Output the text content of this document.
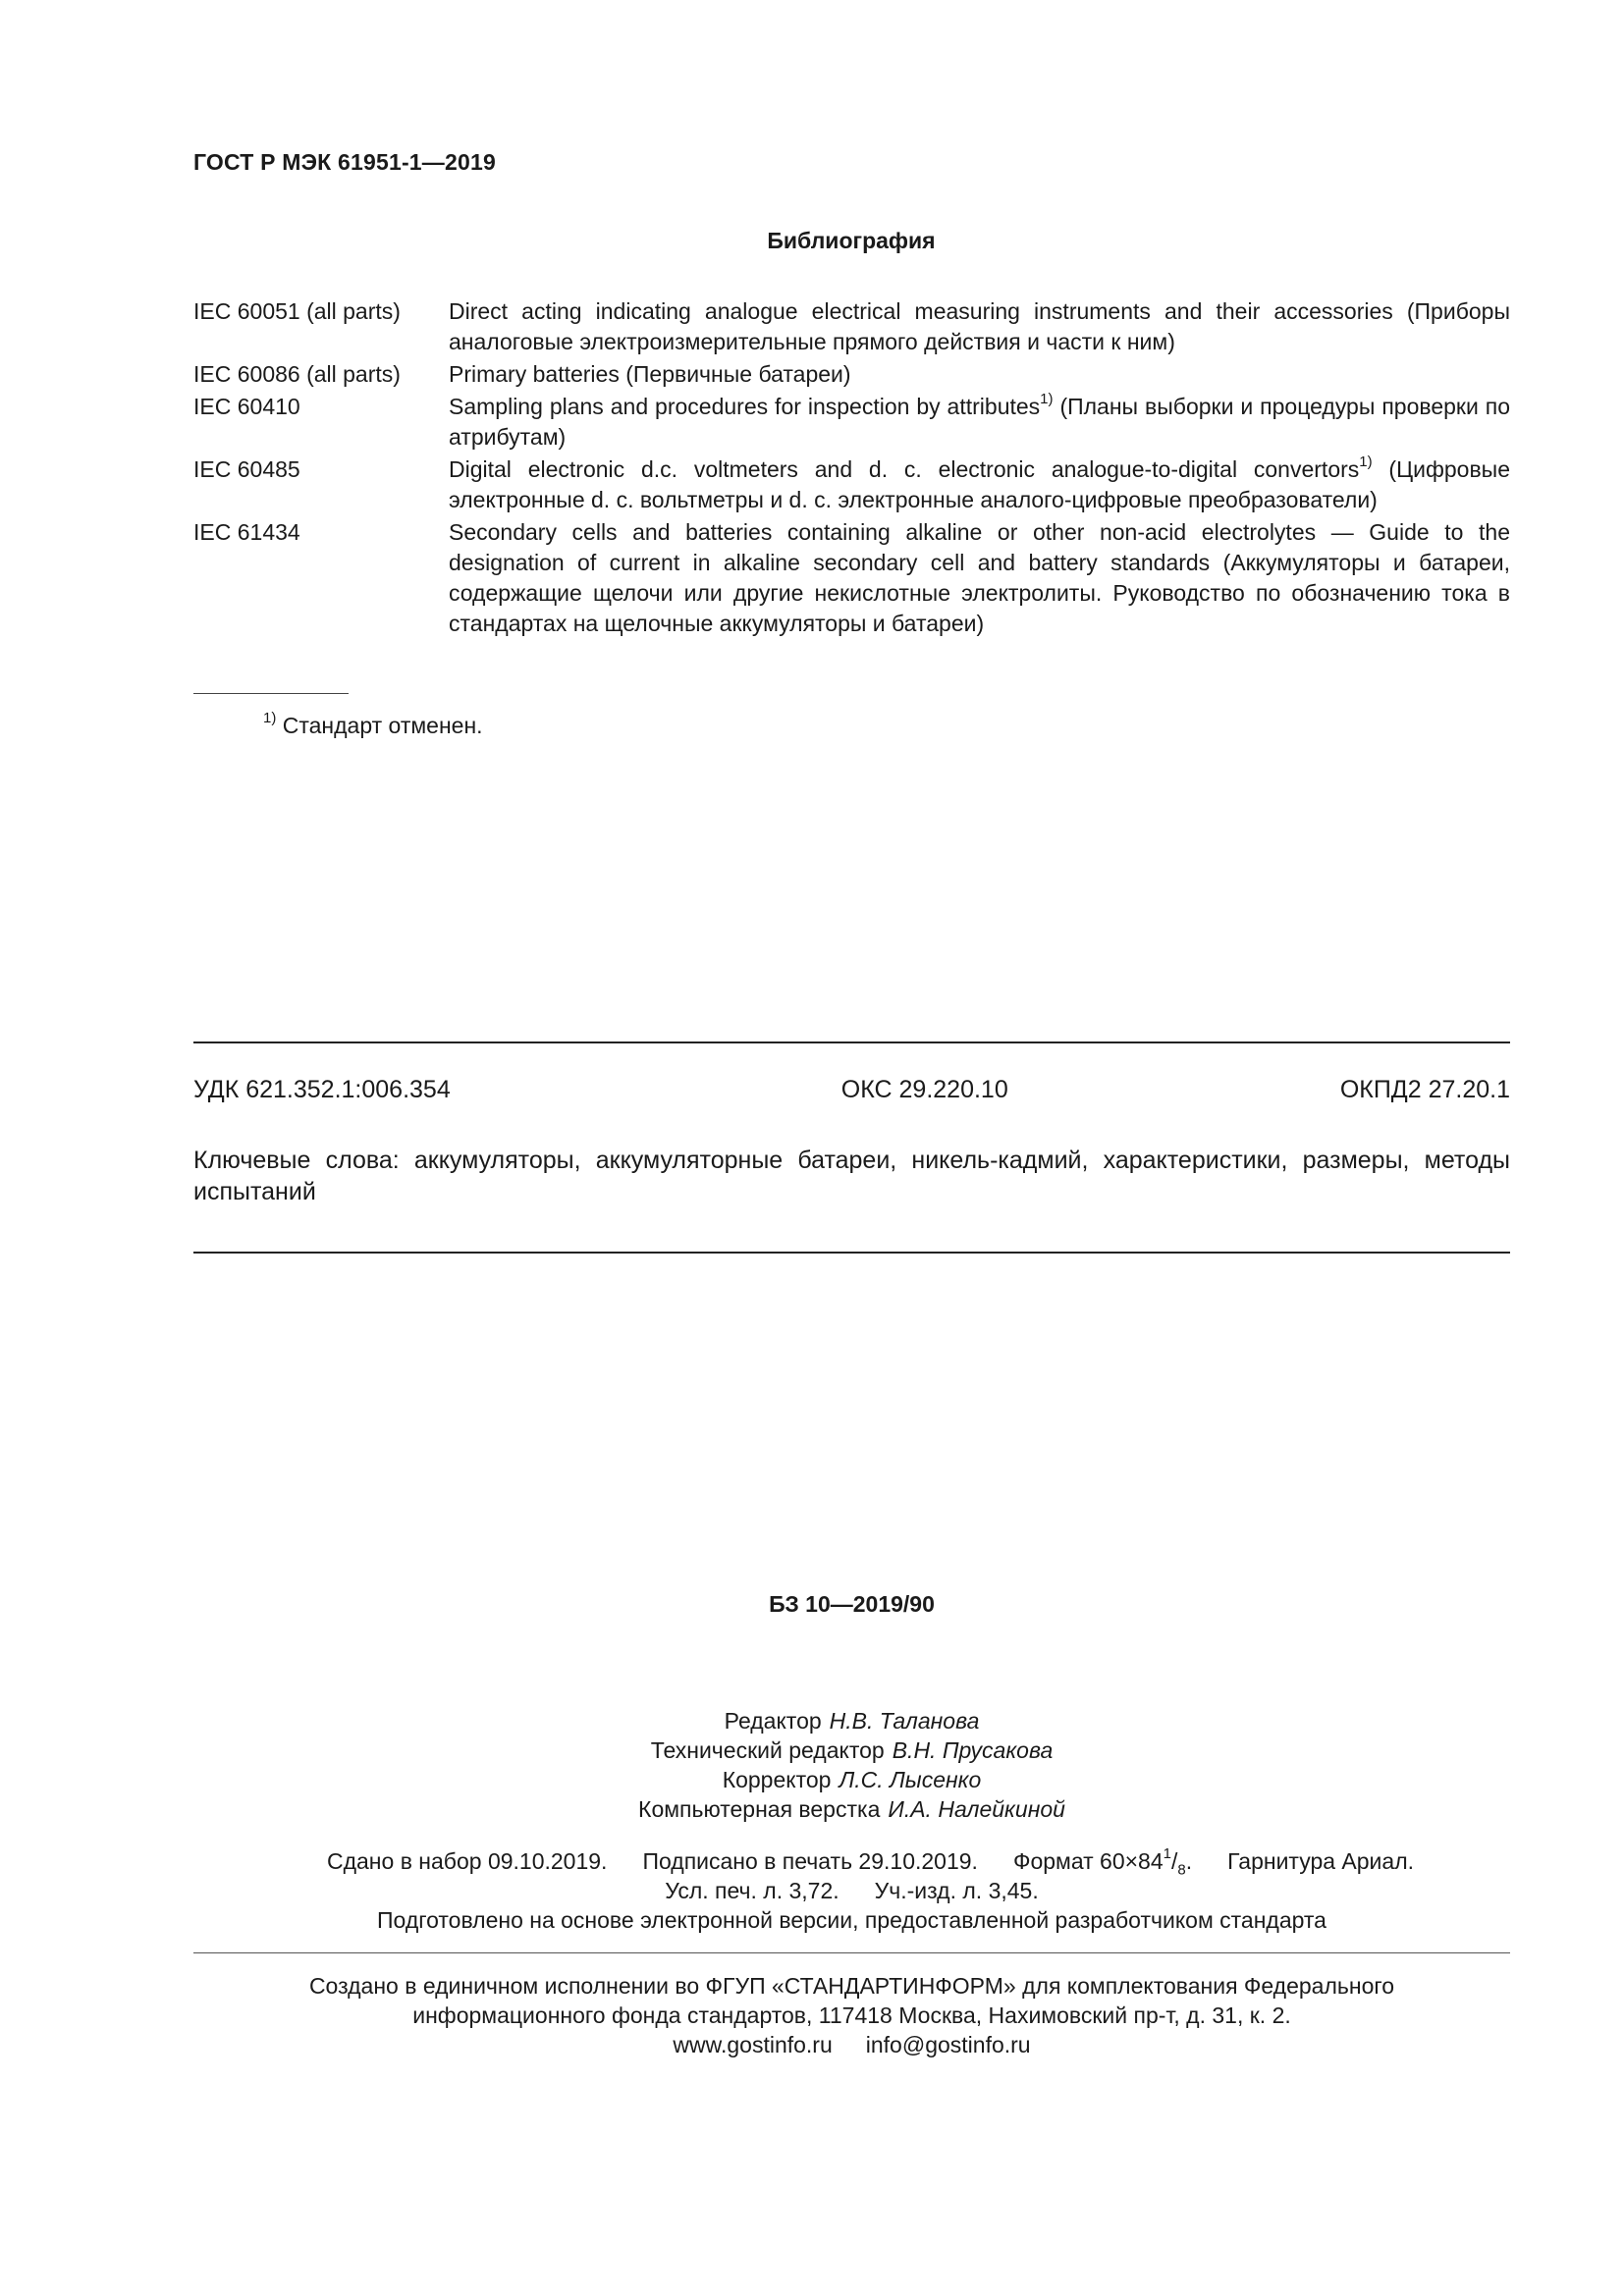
ГОСТ Р МЭК 61951-1—2019
Библиография
IEC 60051 (all parts)	Direct acting indicating analogue electrical measuring instruments and their accessories (Приборы аналоговые электроизмерительные прямого действия и части к ним)
IEC 60086 (all parts)	Primary batteries (Первичные батареи)
IEC 60410	Sampling plans and procedures for inspection by attributes$^{1)}$ (Планы выборки и процедуры проверки по атрибутам)
IEC 60485	Digital electronic d.c. voltmeters and d. c. electronic analogue-to-digital convertors$^{1)}$ (Цифровые электронные d. c. вольтметры и d. c. электронные аналого-цифровые преобразователи)
IEC 61434	Secondary cells and batteries containing alkaline or other non-acid electrolytes — Guide to the designation of current in alkaline secondary cell and battery standards (Аккумуляторы и батареи, содержащие щелочи или другие некислотные электролиты. Руководство по обозначению тока в стандартах на щелочные аккумуляторы и батареи)
$^{1)}$ Стандарт отменен.
УДК 621.352.1:006.354	ОКС 29.220.10	ОКПД2 27.20.1
Ключевые слова: аккумуляторы, аккумуляторные батареи, никель-кадмий, характеристики, размеры, методы испытаний
БЗ 10—2019/90
Редактор Н.В. Таланова
Технический редактор В.Н. Прусакова
Корректор Л.С. Лысенко
Компьютерная верстка И.А. Налейкиной
Сдано в набор 09.10.2019. Подписано в печать 29.10.2019. Формат $60\times 84^1/_8$. Гарнитура Ариал.
Усл. печ. л. 3,72. Уч.-изд. л. 3,45.
Подготовлено на основе электронной версии, предоставленной разработчиком стандарта
Создано в единичном исполнении во ФГУП «СТАНДАРТИНФОРМ» для комплектования Федерального
информационного фонда стандартов, 117418 Москва, Нахимовский пр-т, д. 31, к. 2.
www.gostinfo.ru info@gostinfo.ru
